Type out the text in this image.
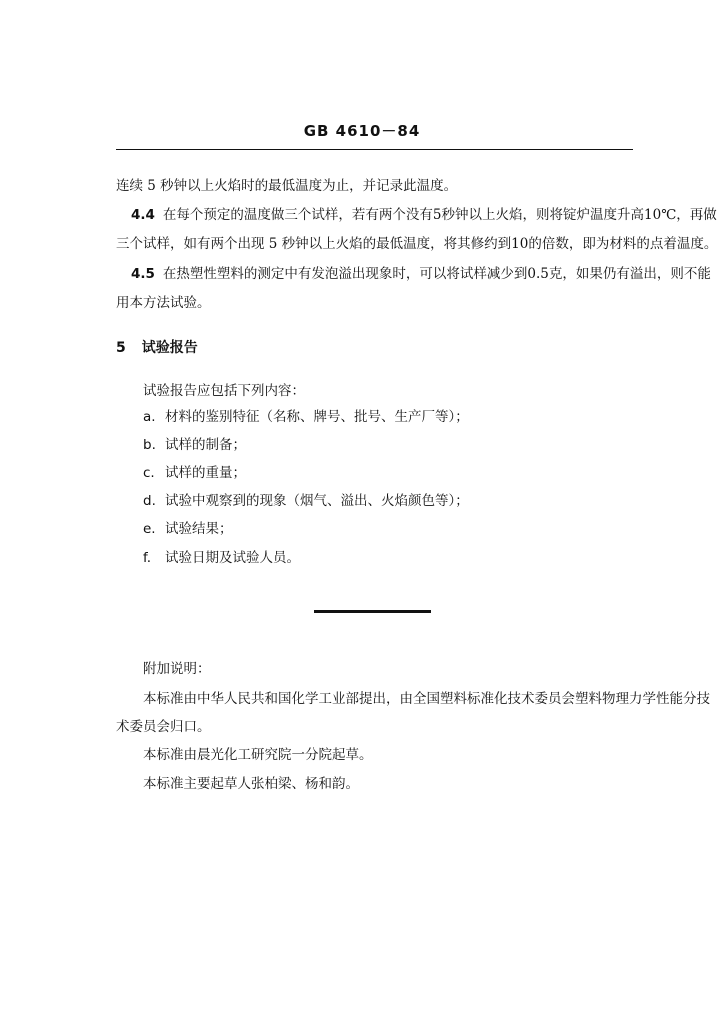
GB 4610－84
连续 5 秒钟以上火焰时的最低温度为止，并记录此温度。
4.4 在每个预定的温度做三个试样，若有两个没有5秒钟以上火焰，则将锭炉温度升高10℃，再做
三个试样，如有两个出现 5 秒钟以上火焰的最低温度，将其修约到10的倍数，即为材料的点着温度。
4.5 在热塑性塑料的测定中有发泡溢出现象时，可以将试样减少到0.5克，如果仍有溢出，则不能
用本方法试验。
5 试验报告
试验报告应包括下列内容：
a. 材料的鉴别特征（名称、牌号、批号、生产厂等）；
b. 试样的制备；
c. 试样的重量；
d. 试验中观察到的现象（烟气、溢出、火焰颜色等）；
e. 试验结果；
f. 试验日期及试验人员。
附加说明：
本标准由中华人民共和国化学工业部提出，由全国塑料标准化技术委员会塑料物理力学性能分技
术委员会归口。
本标准由晨光化工研究院一分院起草。
本标准主要起草人张柏梁、杨和韵。
